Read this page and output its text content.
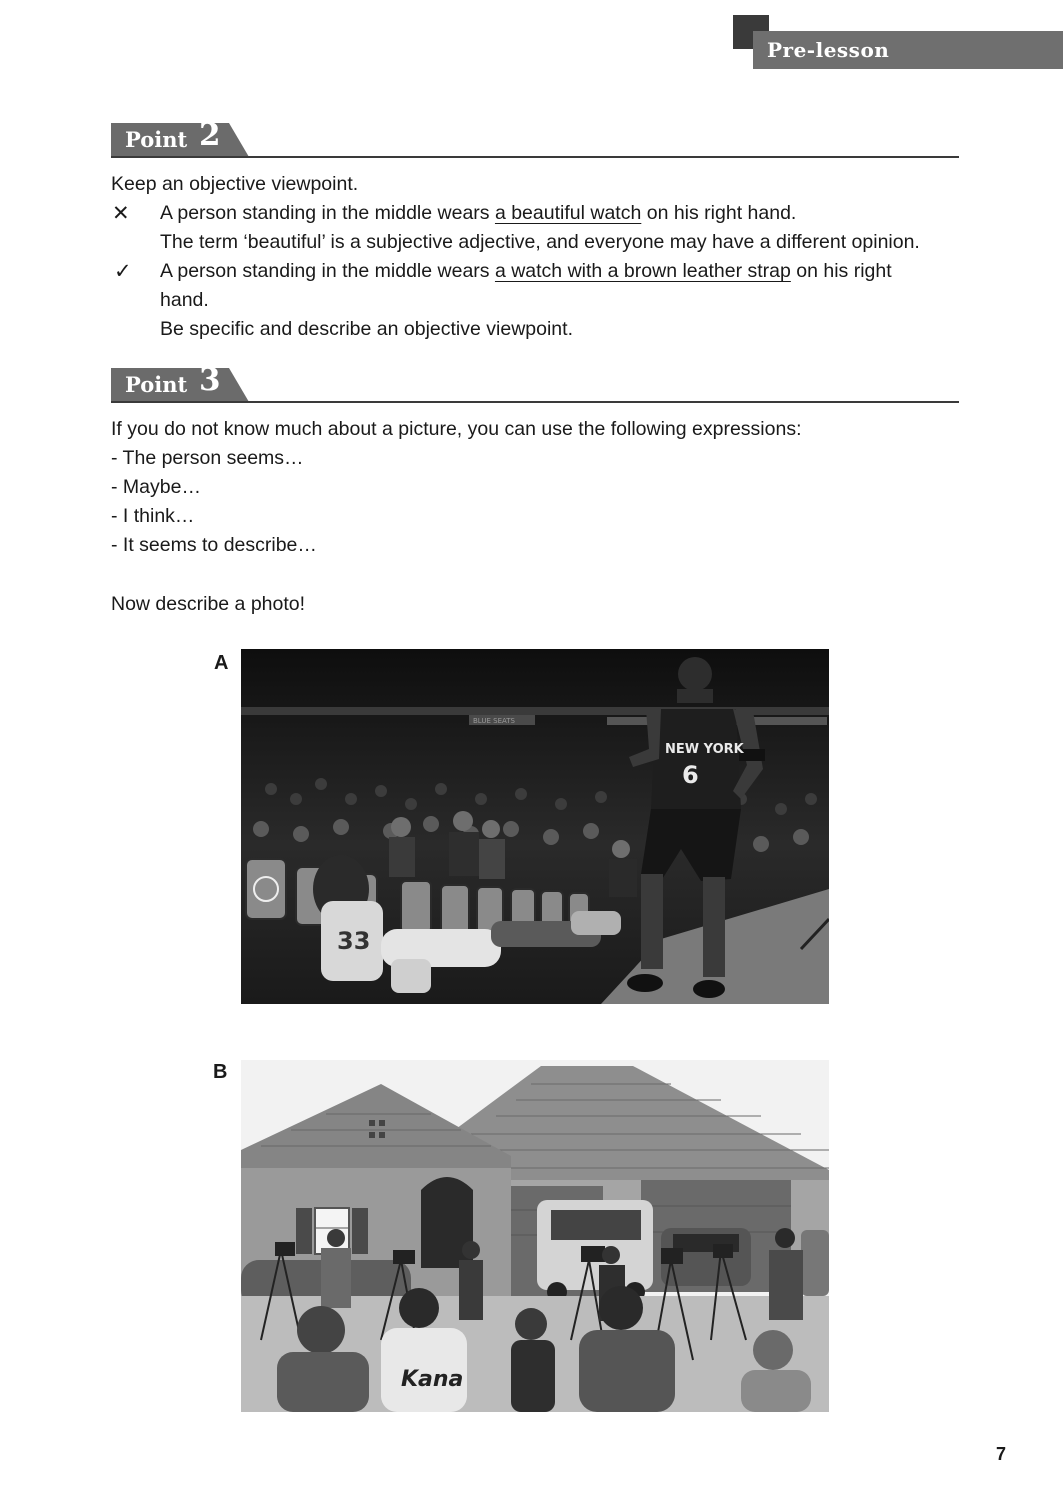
Pre-lesson
Point 2
Keep an objective viewpoint.
✕ A person standing in the middle wears a beautiful watch on his right hand.
The term ‘beautiful’ is a subjective adjective, and everyone may have a different opinion.
✓ A person standing in the middle wears a watch with a brown leather strap on his right
hand.
Be specific and describe an objective viewpoint.
Point 3
If you do not know much about a picture, you can use the following expressions:
- The person seems…
- Maybe…
- I think…
- It seems to describe…
Now describe a photo!
A
BLUE SEATS
33
NEW YORK
6
B
Kana
7
